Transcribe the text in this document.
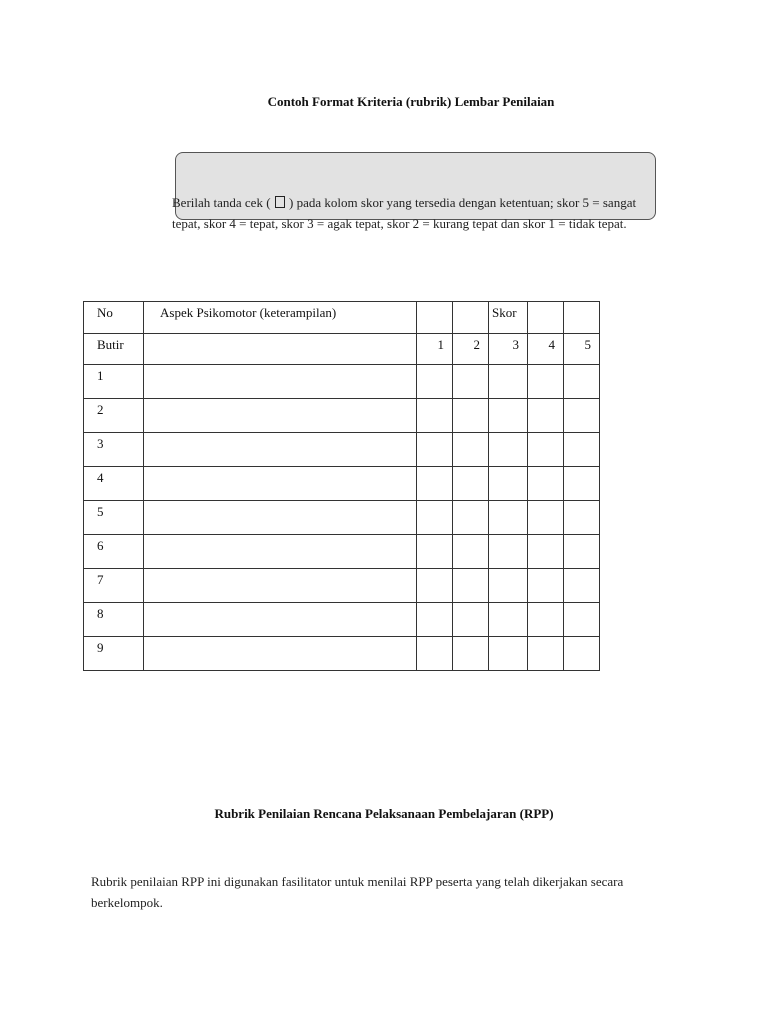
Contoh Format Kriteria (rubrik) Lembar Penilaian
Berilah tanda cek ( ) pada kolom skor yang tersedia dengan ketentuan; skor 5 = sangat tepat, skor 4 = tepat, skor 3 = agak tepat, skor 2 = kurang tepat dan skor 1 = tidak tepat.
No	Aspek Psikomotor (keterampilan)			Skor		
Butir		1	2	3	4	5

1						
2						
3						
4						
5						
6						
7						
8						
9						
Rubrik Penilaian Rencana Pelaksanaan Pembelajaran (RPP)
Rubrik penilaian RPP ini digunakan fasilitator untuk menilai RPP peserta yang telah dikerjakan secara berkelompok.
